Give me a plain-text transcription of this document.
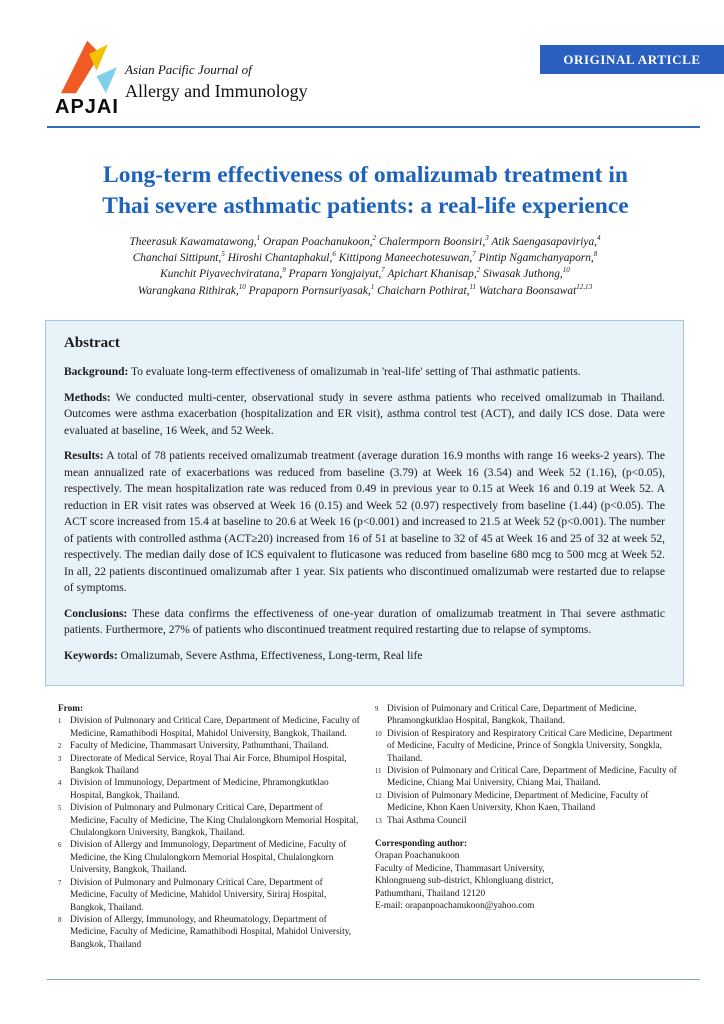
APJAI
Asian Pacific Journal of
Allergy and Immunology
ORIGINAL ARTICLE
Long-term effectiveness of omalizumab treatment in
Thai severe asthmatic patients: a real-life experience
Theerasuk Kawamatawong,$^1$ Orapan Poachanukoon,$^2$ Chalermporn Boonsiri,$^3$ Atik Saengasapaviriya,$^4$
Chanchai Sittipunt,$^5$ Hiroshi Chantaphakul,$^6$ Kittipong Maneechotesuwan,$^7$ Pintip Ngamchanyaporn,$^8$
Kunchit Piyavechviratana,$^9$ Praparn Yongjaiyut,$^7$ Apichart Khanisap,$^2$ Siwasak Juthong,$^{10}$
Warangkana Rithirak,$^{10}$ Prapaporn Pornsuriyasak,$^1$ Chaicharn Pothirat,$^{11}$ Watchara Boonsawat$^{12,13}$
Abstract

Background: To evaluate long-term effectiveness of omalizumab in 'real-life' setting of Thai asthmatic patients.

Methods: We conducted multi-center, observational study in severe asthma patients who received omalizumab in Thailand. Outcomes were asthma exacerbation (hospitalization and ER visit), asthma control test (ACT), and daily ICS dose. Data were evaluated at baseline, 16 Week, and 52 Week.

Results: A total of 78 patients received omalizumab treatment (average duration 16.9 months with range 16 weeks-2 years). The mean annualized rate of exacerbations was reduced from baseline (3.79) at Week 16 (3.54) and Week 52 (1.16), (p<0.05), respectively. The mean hospitalization rate was reduced from 0.49 in previous year to 0.15 at Week 16 and 0.19 at Week 52. A reduction in ER visit rates was observed at Week 16 (0.15) and Week 52 (0.97) respectively from baseline (1.44) (p<0.05). The ACT score increased from 15.4 at baseline to 20.6 at Week 16 (p<0.001) and increased to 21.5 at Week 52 (p<0.001). The number of patients with controlled asthma (ACT≥20) increased from 16 of 51 at baseline to 32 of 45 at Week 16 and 25 of 32 at week 52, respectively. The median daily dose of ICS equivalent to fluticasone was reduced from baseline 680 mcg to 500 mcg at Week 52. In all, 22 patients discontinued omalizumab after 1 year. Six patients who discontinued omalizumab were restarted due to relapse of symptoms.

Conclusions: These data confirms the effectiveness of one-year duration of omalizumab treatment in Thai severe asthmatic patients. Furthermore, 27% of patients who discontinued treatment required restarting due to relapse of symptoms.

Keywords: Omalizumab, Severe Asthma, Effectiveness, Long-term, Real life

From:
1 Division of Pulmonary and Critical Care, Department of Medicine, Faculty of Medicine, Ramathibodi Hospital, Mahidol University, Bangkok, Thailand.
2 Faculty of Medicine, Thammasart University, Pathumthani, Thailand.
3 Directorate of Medical Service, Royal Thai Air Force, Bhumipol Hospital, Bangkok Thailand
4 Division of Immunology, Department of Medicine, Phramongkutklao Hospital, Bangkok, Thailand.
5 Division of Pulmonary and Pulmonary Critical Care, Department of Medicine, Faculty of Medicine, The King Chulalongkorn Memorial Hospital, Chulalongkorn University, Bangkok, Thailand.
6 Division of Allergy and Immunology, Department of Medicine, Faculty of Medicine, the King Chulalongkorn Memorial Hospital, Chulalongkorn University, Bangkok, Thailand.
7 Division of Pulmonary and Pulmonary Critical Care, Department of Medicine, Faculty of Medicine, Mahidol University, Siriraj Hospital, Bangkok, Thailand.
8 Division of Allergy, Immunology, and Rheumatology, Department of Medicine, Faculty of Medicine, Ramathibodi Hospital, Mahidol University, Bangkok, Thailand
9 Division of Pulmonary and Critical Care, Department of Medicine, Phramongkutklao Hospital, Bangkok, Thailand.
10 Division of Respiratory and Respiratory Critical Care Medicine, Department of Medicine, Faculty of Medicine, Prince of Songkla University, Songkla, Thailand.
11 Division of Pulmonary and Critical Care, Department of Medicine, Faculty of Medicine, Chiang Mai University, Chiang Mai, Thailand.
12 Division of Pulmonary Medicine, Department of Medicine, Faculty of Medicine, Khon Kaen University, Khon Kaen, Thailand
13 Thai Asthma Council
Corresponding author:
Orapan Poachanukoon
Faculty of Medicine, Thammasart University,
Khlongnueng sub-district, Khlongluang district,
Pathumthani, Thailand 12120
E-mail: orapanpoachanukoon@yahoo.com
